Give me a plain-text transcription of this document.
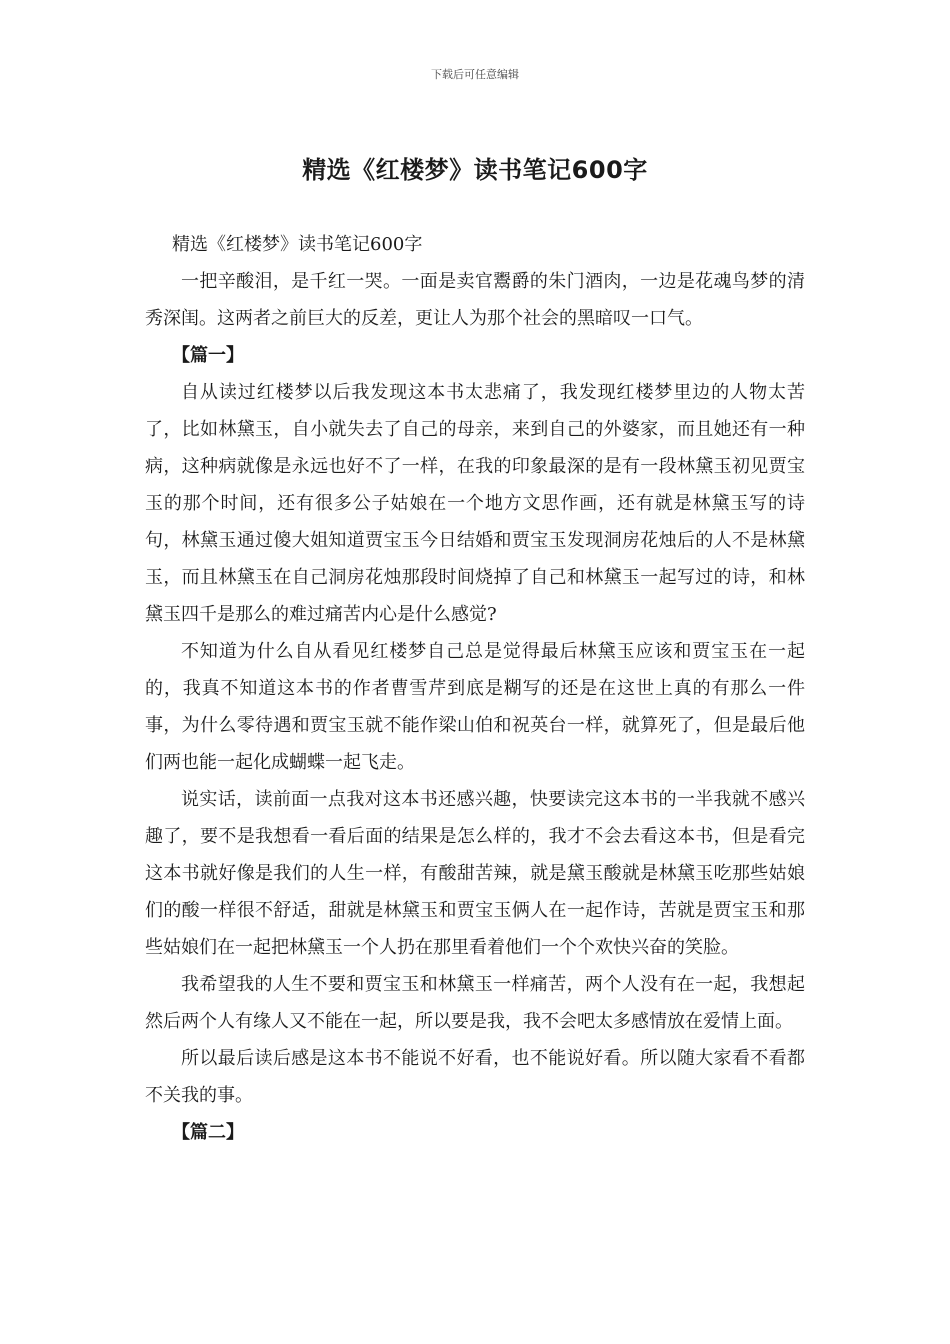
下载后可任意编辑
精选《红楼梦》读书笔记600字

精选《红楼梦》读书笔记600字

一把辛酸泪，是千红一哭。一面是卖官鬻爵的朱门酒肉，一边是花魂鸟梦的清秀深闺。这两者之前巨大的反差，更让人为那个社会的黑暗叹一口气。

【篇一】

自从读过红楼梦以后我发现这本书太悲痛了，我发现红楼梦里边的人物太苦了，比如林黛玉，自小就失去了自己的母亲，来到自己的外婆家，而且她还有一种病，这种病就像是永远也好不了一样，在我的印象最深的是有一段林黛玉初见贾宝玉的那个时间，还有很多公子姑娘在一个地方文思作画，还有就是林黛玉写的诗句，林黛玉通过傻大姐知道贾宝玉今日结婚和贾宝玉发现洞房花烛后的人不是林黛玉，而且林黛玉在自己洞房花烛那段时间烧掉了自己和林黛玉一起写过的诗，和林黛玉四千是那么的难过痛苦内心是什么感觉?

不知道为什么自从看见红楼梦自己总是觉得最后林黛玉应该和贾宝玉在一起的，我真不知道这本书的作者曹雪芹到底是糊写的还是在这世上真的有那么一件事，为什么零待遇和贾宝玉就不能作梁山伯和祝英台一样，就算死了，但是最后他们两也能一起化成蝴蝶一起飞走。

说实话，读前面一点我对这本书还感兴趣，快要读完这本书的一半我就不感兴趣了，要不是我想看一看后面的结果是怎么样的，我才不会去看这本书，但是看完这本书就好像是我们的人生一样，有酸甜苦辣，就是黛玉酸就是林黛玉吃那些姑娘们的酸一样很不舒适，甜就是林黛玉和贾宝玉俩人在一起作诗，苦就是贾宝玉和那些姑娘们在一起把林黛玉一个人扔在那里看着他们一个个欢快兴奋的笑脸。

我希望我的人生不要和贾宝玉和林黛玉一样痛苦，两个人没有在一起，我想起然后两个人有缘人又不能在一起，所以要是我，我不会吧太多感情放在爱情上面。

所以最后读后感是这本书不能说不好看，也不能说好看。所以随大家看不看都不关我的事。

【篇二】
